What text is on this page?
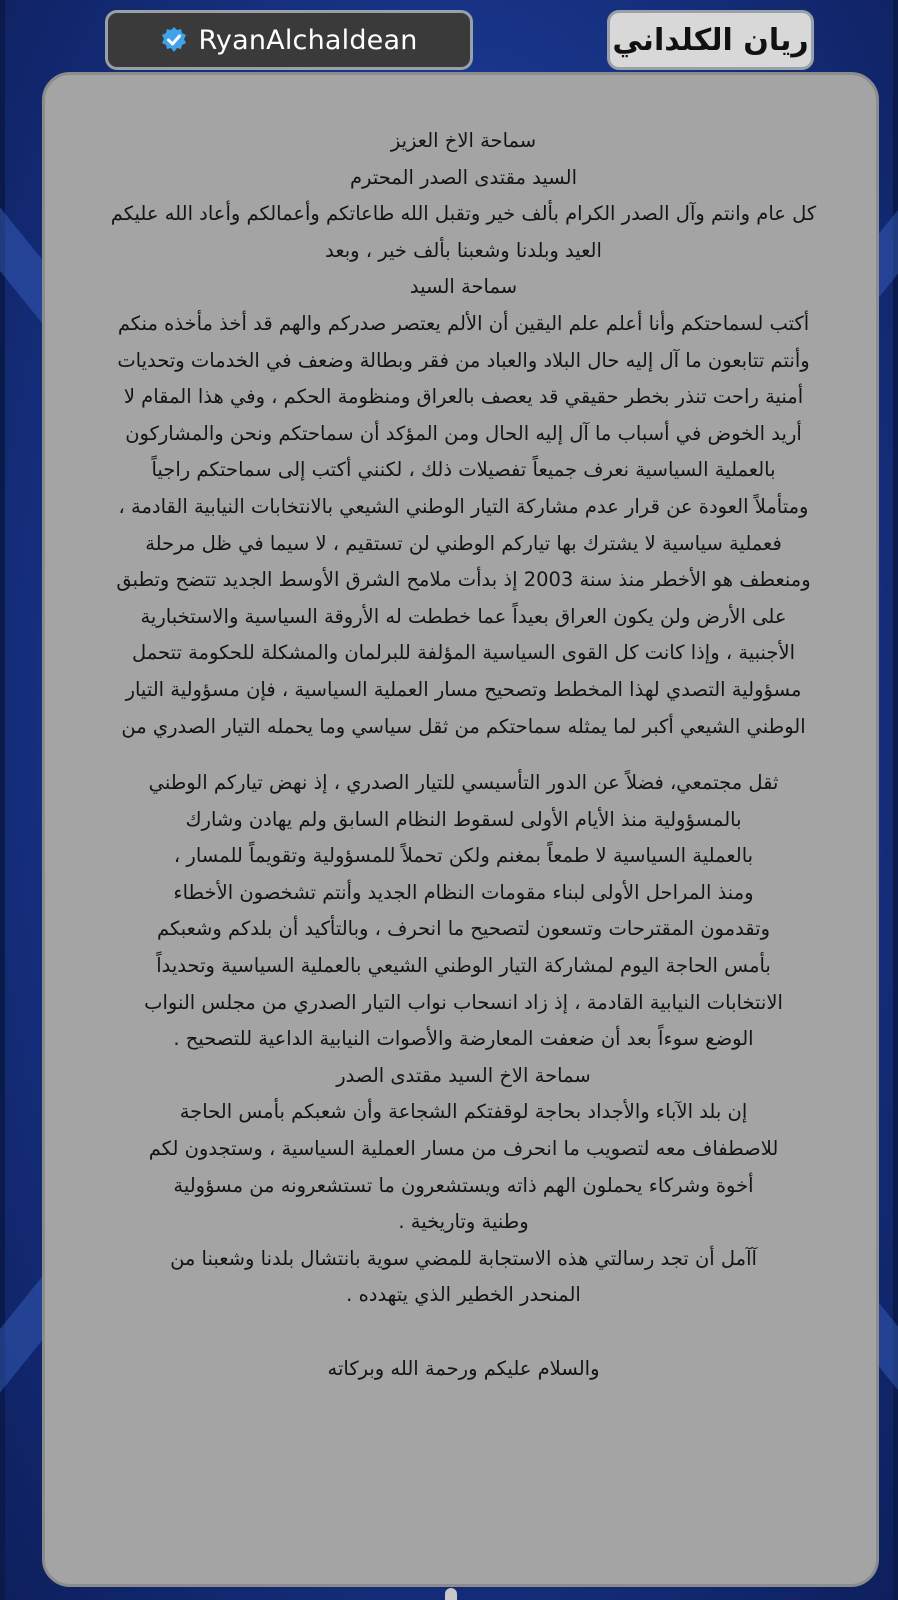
RyanAlchaldean	ريان الكلداني
سماحة الاخ العزيز
السيد مقتدى الصدر المحترم
كل عام وانتم وآل الصدر الكرام بألف خير وتقبل الله طاعاتكم وأعمالكم وأعاد الله عليكم
العيد وبلدنا وشعبنا بألف خير ، وبعد
سماحة السيد
أكتب لسماحتكم وأنا أعلم علم اليقين أن الألم يعتصر صدركم والهم قد أخذ مأخذه منكم
وأنتم تتابعون ما آل إليه حال البلاد والعباد من فقر وبطالة وضعف في الخدمات وتحديات
أمنية راحت تنذر بخطر حقيقي قد يعصف بالعراق ومنظومة الحكم ، وفي هذا المقام لا
أريد الخوض في أسباب ما آل إليه الحال ومن المؤكد أن سماحتكم ونحن والمشاركون
بالعملية السياسية نعرف جميعاً تفصيلات ذلك ، لكنني أكتب إلى سماحتكم راجياً
ومتأملاً العودة عن قرار عدم مشاركة التيار الوطني الشيعي بالانتخابات النيابية القادمة ،
فعملية سياسية لا يشترك بها تياركم الوطني لن تستقيم ، لا سيما في ظل مرحلة
ومنعطف هو الأخطر منذ سنة 2003 إذ بدأت ملامح الشرق الأوسط الجديد تتضح وتطبق
على الأرض ولن يكون العراق بعيداً عما خططت له الأروقة السياسية والاستخبارية
الأجنبية ، وإذا كانت كل القوى السياسية المؤلفة للبرلمان والمشكلة للحكومة تتحمل
مسؤولية التصدي لهذا المخطط وتصحيح مسار العملية السياسية ، فإن مسؤولية التيار
الوطني الشيعي أكبر لما يمثله سماحتكم من ثقل سياسي وما يحمله التيار الصدري من
ثقل مجتمعي، فضلاً عن الدور التأسيسي للتيار الصدري ، إذ نهض تياركم الوطني
بالمسؤولية منذ الأيام الأولى لسقوط النظام السابق ولم يهادن وشارك
بالعملية السياسية لا طمعاً بمغنم ولكن تحملاً للمسؤولية وتقويماً للمسار ،
ومنذ المراحل الأولى لبناء مقومات النظام الجديد وأنتم تشخصون الأخطاء
وتقدمون المقترحات وتسعون لتصحيح ما انحرف ، وبالتأكيد أن بلدكم وشعبكم
بأمس الحاجة اليوم لمشاركة التيار الوطني الشيعي بالعملية السياسية وتحديداً
الانتخابات النيابية القادمة ، إذ زاد انسحاب نواب التيار الصدري من مجلس النواب
الوضع سوءاً بعد أن ضعفت المعارضة والأصوات النيابية الداعية للتصحيح .
سماحة الاخ السيد مقتدى الصدر
إن بلد الآباء والأجداد بحاجة لوقفتكم الشجاعة وأن شعبكم بأمس الحاجة
للاصطفاف معه لتصويب ما انحرف من مسار العملية السياسية ، وستجدون لكم
أخوة وشركاء يحملون الهم ذاته ويستشعرون ما تستشعرونه من مسؤولية
وطنية وتاريخية .
آآمل أن تجد رسالتي هذه الاستجابة للمضي سوية بانتشال بلدنا وشعبنا من
المنحدر الخطير الذي يتهدده .

والسلام عليكم ورحمة الله وبركاته
